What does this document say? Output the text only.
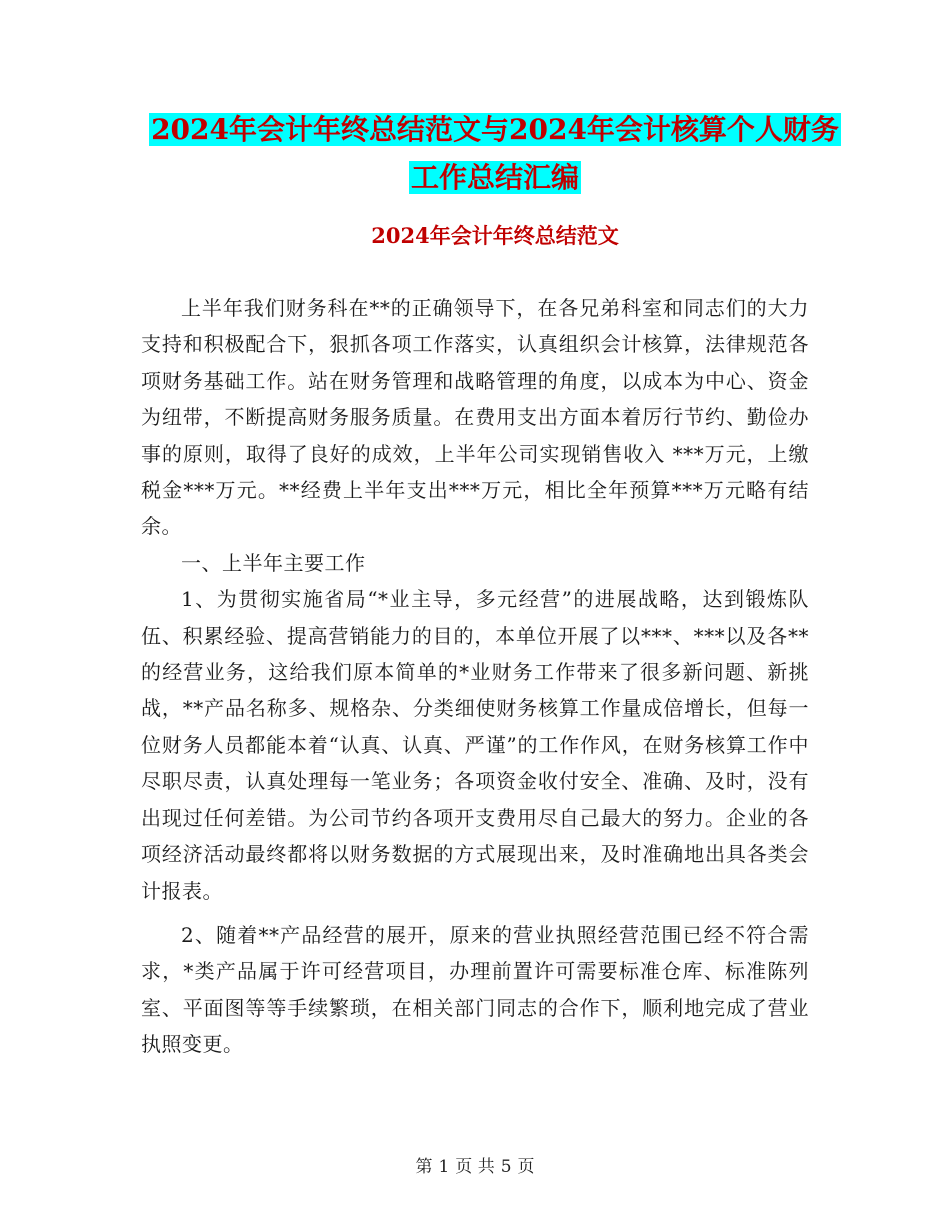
2024年会计年终总结范文与2024年会计核算个人财务
工作总结汇编
2024年会计年终总结范文

上半年我们财务科在**的正确领导下，在各兄弟科室和同志们的大力支持和积极配合下，狠抓各项工作落实，认真组织会计核算，法律规范各项财务基础工作。站在财务管理和战略管理的角度，以成本为中心、资金为纽带，不断提高财务服务质量。在费用支出方面本着厉行节约、勤俭办事的原则，取得了良好的成效，上半年公司实现销售收入 ***万元，上缴税金***万元。**经费上半年支出***万元，相比全年预算***万元略有结余。

一、上半年主要工作

1、为贯彻实施省局“*业主导，多元经营”的进展战略，达到锻炼队伍、积累经验、提高营销能力的目的，本单位开展了以***、***以及各**的经营业务，这给我们原本简单的*业财务工作带来了很多新问题、新挑战，**产品名称多、规格杂、分类细使财务核算工作量成倍增长，但每一位财务人员都能本着“认真、认真、严谨”的工作作风，在财务核算工作中尽职尽责，认真处理每一笔业务；各项资金收付安全、准确、及时，没有出现过任何差错。为公司节约各项开支费用尽自己最大的努力。企业的各项经济活动最终都将以财务数据的方式展现出来，及时准确地出具各类会计报表。

2、随着**产品经营的展开，原来的营业执照经营范围已经不符合需求，*类产品属于许可经营项目，办理前置许可需要标准仓库、标准陈列室、平面图等等手续繁琐，在相关部门同志的合作下，顺利地完成了营业执照变更。

第 1 页 共 5 页
